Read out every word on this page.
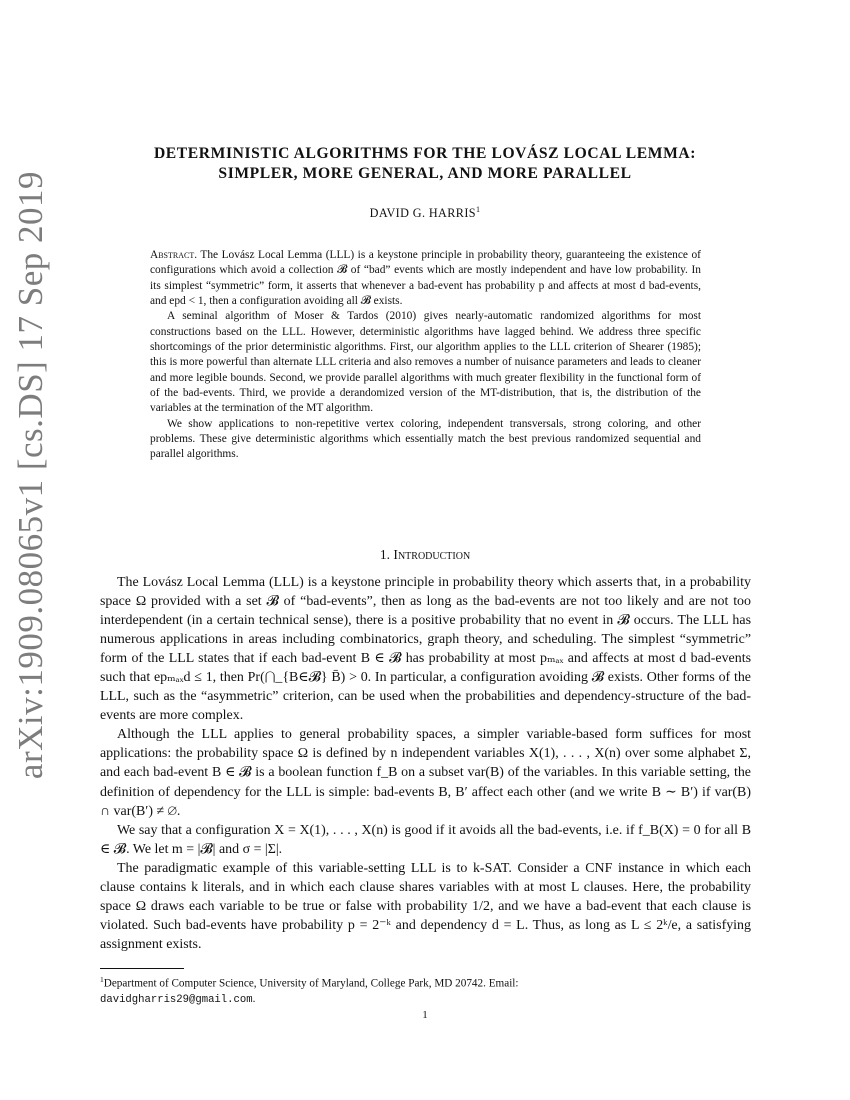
arXiv:1909.08065v1 [cs.DS] 17 Sep 2019
DETERMINISTIC ALGORITHMS FOR THE LOVÁSZ LOCAL LEMMA:
SIMPLER, MORE GENERAL, AND MORE PARALLEL
DAVID G. HARRIS$^1$

Abstract. The Lovász Local Lemma (LLL) is a keystone principle in probability theory, guaranteeing the existence of configurations which avoid a collection 𝓑 of “bad” events which are mostly independent and have low probability. In its simplest “symmetric” form, it asserts that whenever a bad-event has probability p and affects at most d bad-events, and epd < 1, then a configuration avoiding all 𝓑 exists.

A seminal algorithm of Moser & Tardos (2010) gives nearly-automatic randomized algorithms for most constructions based on the LLL. However, deterministic algorithms have lagged behind. We address three specific shortcomings of the prior deterministic algorithms. First, our algorithm applies to the LLL criterion of Shearer (1985); this is more powerful than alternate LLL criteria and also removes a number of nuisance parameters and leads to cleaner and more legible bounds. Second, we provide parallel algorithms with much greater flexibility in the functional form of of the bad-events. Third, we provide a derandomized version of the MT-distribution, that is, the distribution of the variables at the termination of the MT algorithm.

We show applications to non-repetitive vertex coloring, independent transversals, strong coloring, and other problems. These give deterministic algorithms which essentially match the best previous randomized sequential and parallel algorithms.

1. Introduction

The Lovász Local Lemma (LLL) is a keystone principle in probability theory which asserts that, in a probability space Ω provided with a set 𝓑 of “bad-events”, then as long as the bad-events are not too likely and are not too interdependent (in a certain technical sense), there is a positive probability that no event in 𝓑 occurs. The LLL has numerous applications in areas including combinatorics, graph theory, and scheduling. The simplest “symmetric” form of the LLL states that if each bad-event B ∈ 𝓑 has probability at most pₘₐₓ and affects at most d bad-events such that epₘₐₓd ≤ 1, then Pr(⋂_{B∈𝓑} B̄) > 0. In particular, a configuration avoiding 𝓑 exists. Other forms of the LLL, such as the “asymmetric” criterion, can be used when the probabilities and dependency-structure of the bad-events are more complex.

Although the LLL applies to general probability spaces, a simpler variable-based form suffices for most applications: the probability space Ω is defined by n independent variables X(1), . . . , X(n) over some alphabet Σ, and each bad-event B ∈ 𝓑 is a boolean function f_B on a subset var(B) of the variables. In this variable setting, the definition of dependency for the LLL is simple: bad-events B, B′ affect each other (and we write B ∼ B′) if var(B) ∩ var(B′) ≠ ∅.

We say that a configuration X = X(1), . . . , X(n) is good if it avoids all the bad-events, i.e. if f_B(X) = 0 for all B ∈ 𝓑. We let m = |𝓑| and σ = |Σ|.

The paradigmatic example of this variable-setting LLL is to k-SAT. Consider a CNF instance in which each clause contains k literals, and in which each clause shares variables with at most L clauses. Here, the probability space Ω draws each variable to be true or false with probability 1/2, and we have a bad-event that each clause is violated. Such bad-events have probability p = 2⁻ᵏ and dependency d = L. Thus, as long as L ≤ 2ᵏ/e, a satisfying assignment exists.

$^1$Department of Computer Science, University of Maryland, College Park, MD 20742. Email:
davidgharris29@gmail.com.
1
